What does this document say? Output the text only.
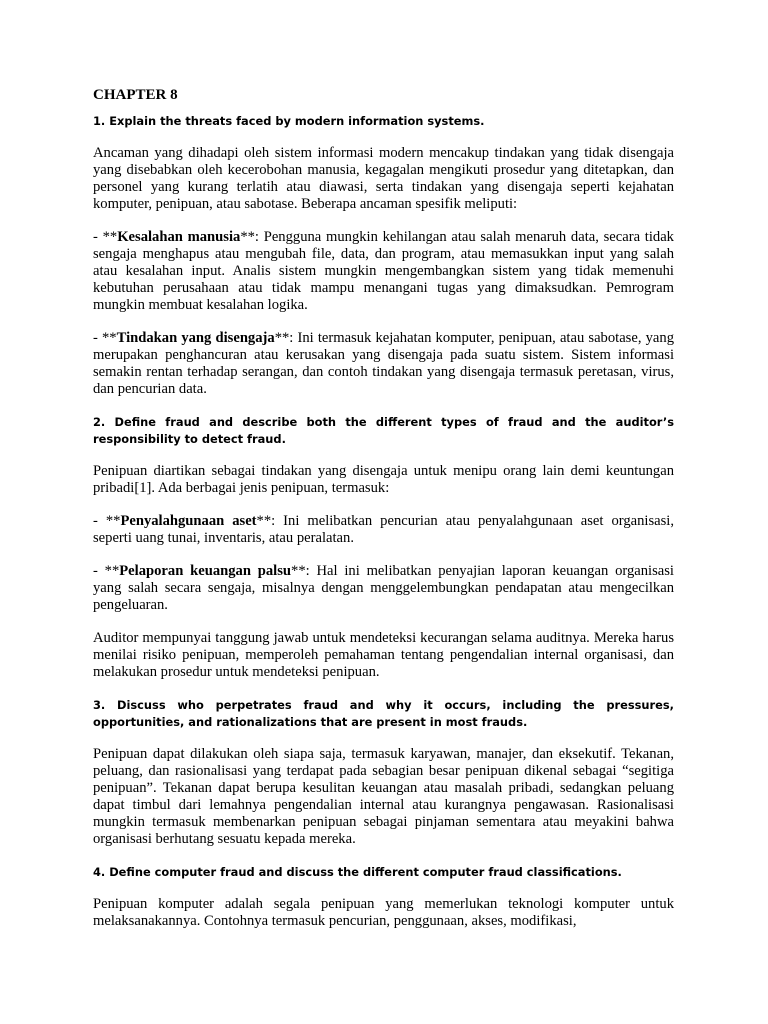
CHAPTER 8

1. Explain the threats faced by modern information systems.

Ancaman yang dihadapi oleh sistem informasi modern mencakup tindakan yang tidak disengaja yang disebabkan oleh kecerobohan manusia, kegagalan mengikuti prosedur yang ditetapkan, dan personel yang kurang terlatih atau diawasi, serta tindakan yang disengaja seperti kejahatan komputer, penipuan, atau sabotase. Beberapa ancaman spesifik meliputi:

- **Kesalahan manusia**: Pengguna mungkin kehilangan atau salah menaruh data, secara tidak sengaja menghapus atau mengubah file, data, dan program, atau memasukkan input yang salah atau kesalahan input. Analis sistem mungkin mengembangkan sistem yang tidak memenuhi kebutuhan perusahaan atau tidak mampu menangani tugas yang dimaksudkan. Pemrogram mungkin membuat kesalahan logika.

- **Tindakan yang disengaja**: Ini termasuk kejahatan komputer, penipuan, atau sabotase, yang merupakan penghancuran atau kerusakan yang disengaja pada suatu sistem. Sistem informasi semakin rentan terhadap serangan, dan contoh tindakan yang disengaja termasuk peretasan, virus, dan pencurian data.

2. Define fraud and describe both the different types of fraud and the auditor’s responsibility to detect fraud.

Penipuan diartikan sebagai tindakan yang disengaja untuk menipu orang lain demi keuntungan pribadi[1]. Ada berbagai jenis penipuan, termasuk:

- **Penyalahgunaan aset**: Ini melibatkan pencurian atau penyalahgunaan aset organisasi, seperti uang tunai, inventaris, atau peralatan.

- **Pelaporan keuangan palsu**: Hal ini melibatkan penyajian laporan keuangan organisasi yang salah secara sengaja, misalnya dengan menggelembungkan pendapatan atau mengecilkan pengeluaran.

Auditor mempunyai tanggung jawab untuk mendeteksi kecurangan selama auditnya. Mereka harus menilai risiko penipuan, memperoleh pemahaman tentang pengendalian internal organisasi, dan melakukan prosedur untuk mendeteksi penipuan.

3. Discuss who perpetrates fraud and why it occurs, including the pressures, opportunities, and rationalizations that are present in most frauds.

Penipuan dapat dilakukan oleh siapa saja, termasuk karyawan, manajer, dan eksekutif. Tekanan, peluang, dan rasionalisasi yang terdapat pada sebagian besar penipuan dikenal sebagai “segitiga penipuan”. Tekanan dapat berupa kesulitan keuangan atau masalah pribadi, sedangkan peluang dapat timbul dari lemahnya pengendalian internal atau kurangnya pengawasan. Rasionalisasi mungkin termasuk membenarkan penipuan sebagai pinjaman sementara atau meyakini bahwa organisasi berhutang sesuatu kepada mereka.

4. Define computer fraud and discuss the different computer fraud classifications.

Penipuan komputer adalah segala penipuan yang memerlukan teknologi komputer untuk melaksanakannya. Contohnya termasuk pencurian, penggunaan, akses, modifikasi,
